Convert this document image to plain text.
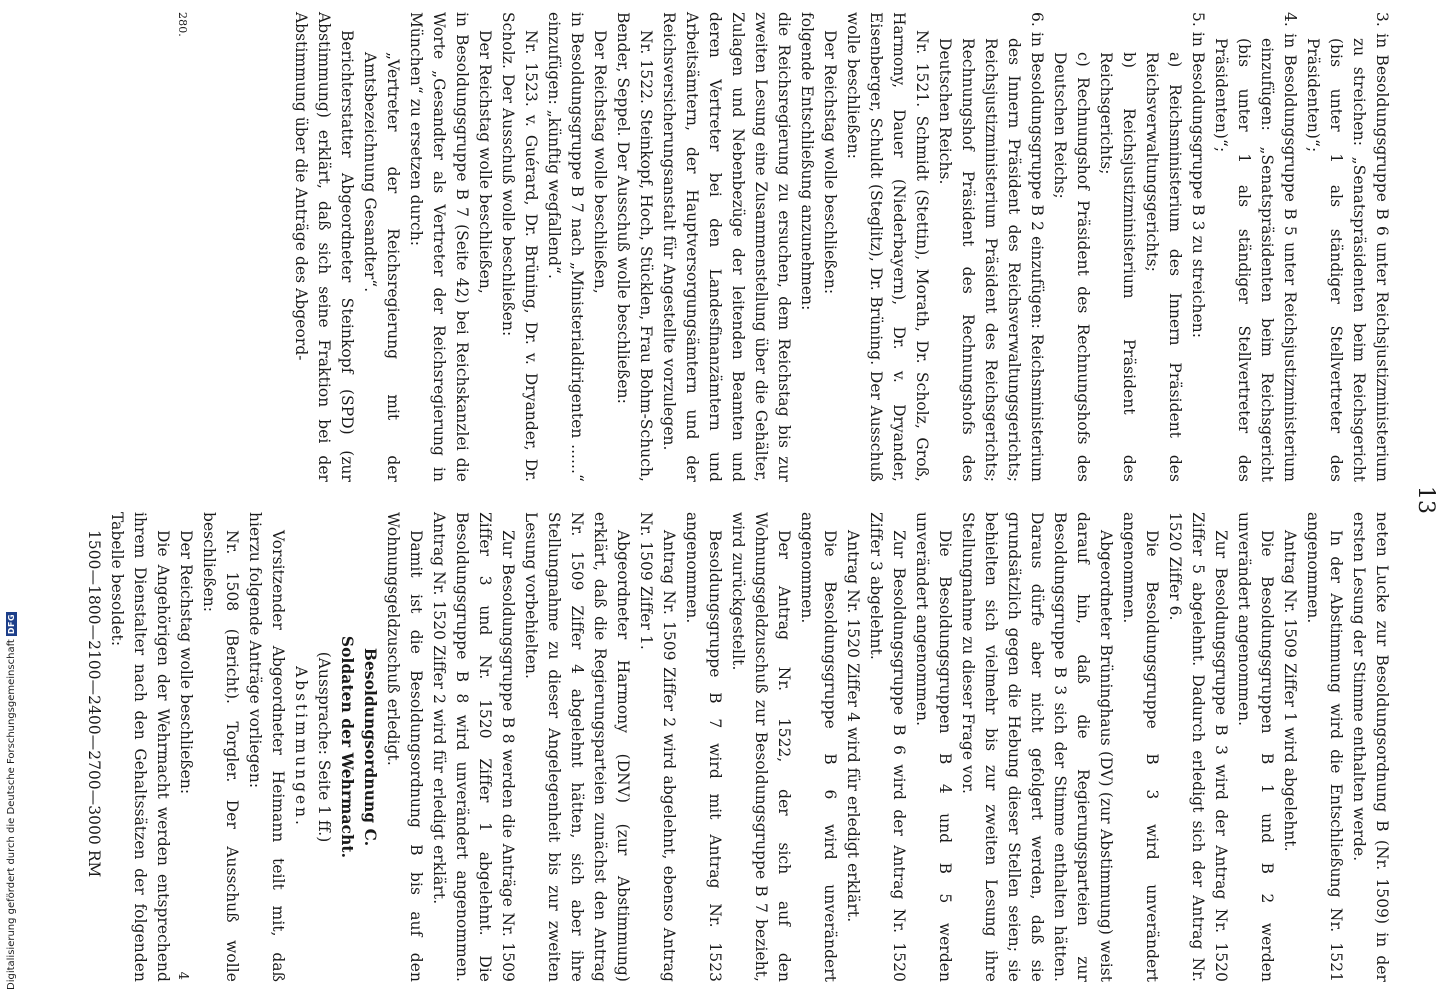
13

3. in Besoldungsgruppe B 6 unter Reichsjustizministerium zu streichen: „Senatspräsidenten beim Reichsgericht (bis unter 1 als ständiger Stellvertreter des Präsidenten)“;

4. in Besoldungsgruppe B 5 unter Reichsjustizministerium einzufügen: „Senatspräsidenten beim Reichsgericht (bis unter 1 als ständiger Stellvertreter des Präsidenten)“;

5. in Besoldungsgruppe B 3 zu streichen:

a) Reichsministerium des Innern Präsident des Reichsverwaltungsgerichts;

b) Reichsjustizministerium Präsident des Reichsgerichts;

c) Rechnungshof Präsident des Rechnungshofs des Deutschen Reichs;

6. in Besoldungsgruppe B 2 einzufügen: Reichsministerium des Innern Präsident des Reichsverwaltungsgerichts; Reichsjustizministerium Präsident des Reichsgerichts; Rechnungshof Präsident des Rechnungshofs des Deutschen Reichs.

Nr. 1521. Schmidt (Stettin), Morath, Dr. Scholz, Groß, Harmony, Dauer (Niederbayern), Dr. v. Dryander, Eisenberger, Schuldt (Steglitz), Dr. Brüning. Der Ausschuß wolle beschließen:

Der Reichstag wolle beschließen:

folgende Entschließung anzunehmen:

die Reichsregierung zu ersuchen, dem Reichstag bis zur zweiten Lesung eine Zusammenstellung über die Gehälter, Zulagen und Nebenbezüge der leitenden Beamten und deren Vertreter bei den Landesfinanzämtern und Arbeitsämtern, der Hauptversorgungsämtern und der Reichsversicherungsanstalt für Angestellte vorzulegen.

Nr. 1522. Steinkopf, Hoch, Stücklen, Frau Bohm-Schuch, Bender, Seppel. Der Ausschuß wolle beschließen:

Der Reichstag wolle beschließen,

in Besoldungsgruppe B 7 nach „Ministerialdirigenten ......“ einzufügen: „künftig wegfallend“.

Nr. 1523. v. Guérard, Dr. Brüning, Dr. v. Dryander, Dr. Scholz. Der Ausschuß wolle beschließen:

Der Reichstag wolle beschließen,

in Besoldungsgruppe B 7 (Seite 42) bei Reichskanzlei die Worte „Gesandter als Vertreter der Reichsregierung in München“ zu ersetzen durch:

„Vertreter der Reichsregierung mit der Amtsbezeichnung Gesandter“.

Berichterstatter Abgeordneter Steinkopf (SPD) (zur Abstimmung) erklärt, daß sich seine Fraktion bei der Abstimmung über die Anträge des Abgeord-

neten Lucke zur Besoldungsordnung B (Nr. 1509) in der ersten Lesung der Stimme enthalten werde.

In der Abstimmung wird die Entschließung Nr. 1521 angenommen.

Antrag Nr. 1509 Ziffer 1 wird abgelehnt.

Die Besoldungsgruppen B 1 und B 2 werden unverändert angenommen.

Zur Besoldungsgruppe B 3 wird der Antrag Nr. 1520 Ziffer 5 abgelehnt. Dadurch erledigt sich der Antrag Nr. 1520 Ziffer 6.

Die Besoldungsgruppe B 3 wird unverändert angenommen.

Abgeordneter Brüninghaus (DV) (zur Abstimmung) weist darauf hin, daß die Regierungsparteien zur Besoldungsgruppe B 3 sich der Stimme enthalten hätten. Daraus dürfe aber nicht gefolgert werden, daß sie grundsätzlich gegen die Hebung dieser Stellen seien; sie behielten sich vielmehr bis zur zweiten Lesung ihre Stellungnahme zu dieser Frage vor.

Die Besoldungsgruppen B 4 und B 5 werden unverändert angenommen.

Zur Besoldungsgruppe B 6 wird der Antrag Nr. 1520 Ziffer 3 abgelehnt.

Antrag Nr. 1520 Ziffer 4 wird für erledigt erklärt.

Die Besoldungsgruppe B 6 wird unverändert angenommen.

Der Antrag Nr. 1522, der sich auf den Wohnungsgeldzuschuß zur Besoldungsgruppe B 7 bezieht, wird zurückgestellt.

Besoldungsgruppe B 7 wird mit Antrag Nr. 1523 angenommen.

Antrag Nr. 1509 Ziffer 2 wird abgelehnt, ebenso Antrag Nr. 1509 Ziffer 1.

Abgeordneter Harmony (DNV) (zur Abstimmung) erklärt, daß die Regierungsparteien zunächst den Antrag Nr. 1509 Ziffer 4 abgelehnt hätten, sich aber ihre Stellungnahme zu dieser Angelegenheit bis zur zweiten Lesung vorbehielten.

Zur Besoldungsgruppe B 8 werden die Anträge Nr. 1509 Ziffer 3 und Nr. 1520 Ziffer 1 abgelehnt. Die Besoldungsgruppe B 8 wird unverändert angenommen. Antrag Nr. 1520 Ziffer 2 wird für erledigt erklärt.

Damit ist die Besoldungsordnung B bis auf den Wohnungsgeldzuschuß erledigt.

Besoldungsordnung C.

Soldaten der Wehrmacht.

(Aussprache: Seite 1 ff.)

Abstimmungen.

Vorsitzender Abgeordneter Heimann teilt mit, daß hierzu folgende Anträge vorliegen:

Nr. 1508 (Bericht). Torgler. Der Ausschuß wolle beschließen:

Der Reichstag wolle beschließen:

Die Angehörigen der Wehrmacht werden entsprechend ihrem Dienstalter nach den Gehaltssätzen der folgenden Tabelle besoldet:

1500—1800—2100—2400—2700—3000 RM

280.
4
Digitalisierung gefördert durch die Deutsche Forschungsgemeinschaft
DFG
